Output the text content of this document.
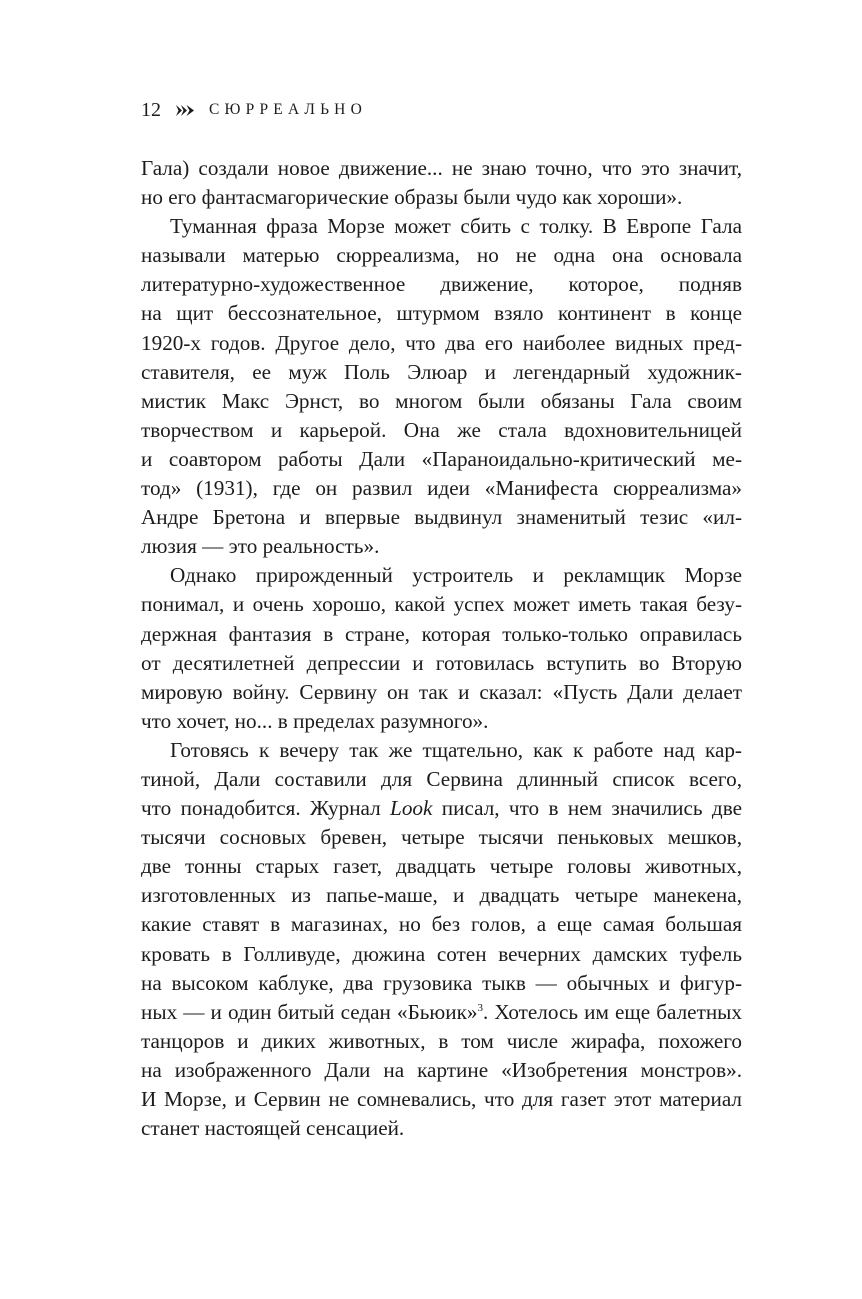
12	СЮРРЕАЛЬНО

Гала) создали новое движение... не знаю точно, что это значит,
но его фантасмагорические образы были чудо как хороши».

Туманная фраза Морзе может сбить с толку. В Европе Гала
называли матерью сюрреализма, но не одна она основала
литературно-художественное движение, которое, подняв
на щит бессознательное, штурмом взяло континент в конце
1920-х годов. Другое дело, что два его наиболее видных пред-
ставителя, ее муж Поль Элюар и легендарный художник-
мистик Макс Эрнст, во многом были обязаны Гала своим
творчеством и карьерой. Она же стала вдохновительницей
и соавтором работы Дали «Параноидально-критический ме-
тод» (1931), где он развил идеи «Манифеста сюрреализма»
Андре Бретона и впервые выдвинул знаменитый тезис «ил-
люзия — это реальность».

Однако прирожденный устроитель и рекламщик Морзе
понимал, и очень хорошо, какой успех может иметь такая безу-
держная фантазия в стране, которая только-только оправилась
от десятилетней депрессии и готовилась вступить во Вторую
мировую войну. Сервину он так и сказал: «Пусть Дали делает
что хочет, но... в пределах разумного».

Готовясь к вечеру так же тщательно, как к работе над кар-
тиной, Дали составили для Сервина длинный список всего,
что понадобится. Журнал Look писал, что в нем значились две
тысячи сосновых бревен, четыре тысячи пеньковых мешков,
две тонны старых газет, двадцать четыре головы животных,
изготовленных из папье-маше, и двадцать четыре манекена,
какие ставят в магазинах, но без голов, а еще самая большая
кровать в Голливуде, дюжина сотен вечерних дамских туфель
на высоком каблуке, два грузовика тыкв — обычных и фигур-
ных — и один битый седан «Бьюик»$^3$. Хотелось им еще балетных
танцоров и диких животных, в том числе жирафа, похожего
на изображенного Дали на картине «Изобретения монстров».
И Морзе, и Сервин не сомневались, что для газет этот материал
станет настоящей сенсацией.
